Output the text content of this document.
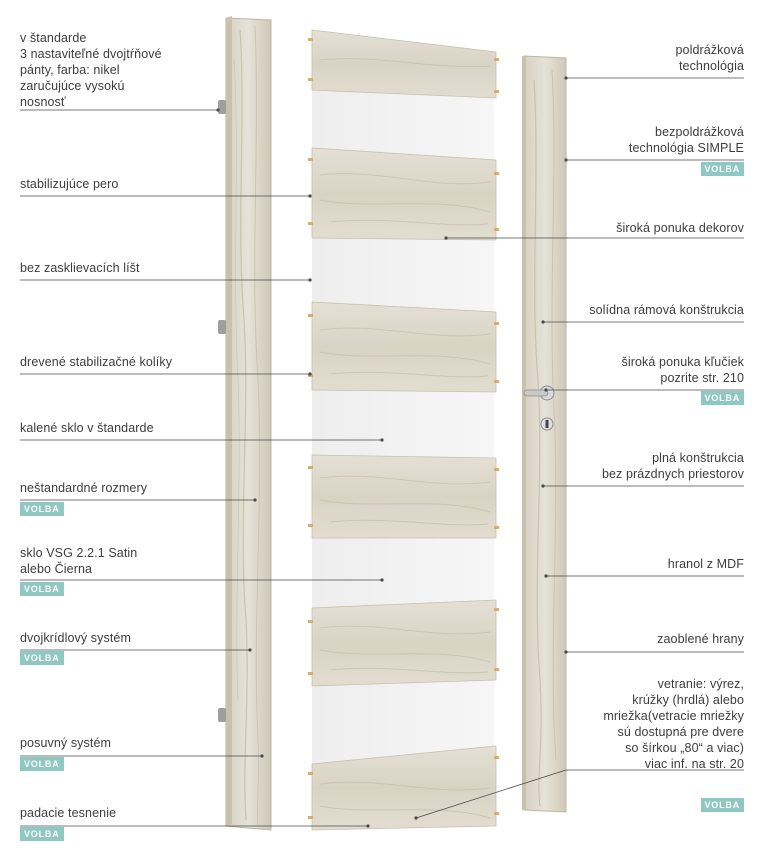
v štandarde
3 nastaviteľné dvojtŕňové
pánty, farba: nikel
zaručujúce vysokú
nosnosť
stabilizujúce pero
bez zasklievacích líšt
drevené stabilizačné kolíky
kalené sklo v štandarde
neštandardné rozmery
VOLBA
sklo VSG 2.2.1 Satin
alebo Čierna
VOLBA
dvojkrídlový systém
VOLBA
posuvný systém
VOLBA
padacie tesnenie
VOLBA
poldrážková
technológia
bezpoldrážková
technológia SIMPLE
VOLBA
široká ponuka dekorov
solídna rámová konštrukcia
široká ponuka kľučiek
pozrite str. 210
VOLBA
plná konštrukcia
bez prázdnych priestorov
hranol z MDF
zaoblené hrany
vetranie: výrez,
krúžky (hrdlá) alebo
mriežka(vetracie mriežky
sú dostupná pre dvere
so šírkou „80“ a viac)
viac inf. na str. 20
VOLBA
